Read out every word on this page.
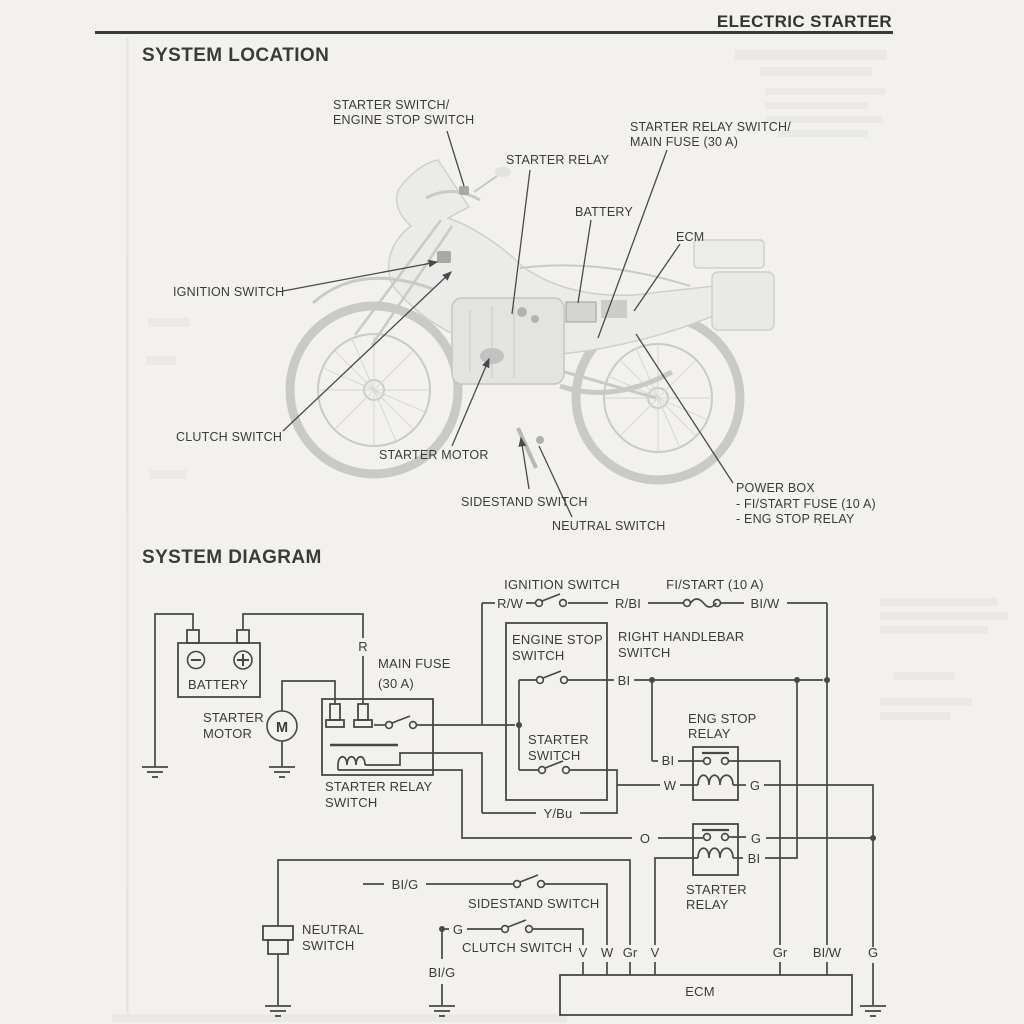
ELECTRIC STARTER
SYSTEM LOCATION
SYSTEM DIAGRAM
STARTER SWITCH/
ENGINE STOP SWITCH
STARTER RELAY
STARTER RELAY SWITCH/
MAIN FUSE (30 A)
BATTERY
ECM
IGNITION SWITCH
CLUTCH SWITCH
STARTER MOTOR
SIDESTAND SWITCH
NEUTRAL SWITCH
POWER BOX
- FI/START FUSE (10 A)
- ENG STOP RELAY
BATTERY
M
STARTER
MOTOR
STARTER RELAY
SWITCH
MAIN FUSE
(30 A)
R
IGNITION SWITCH
R/W	R/BI
FI/START (10 A)
BI/W
RIGHT HANDLEBAR
SWITCH
ENGINE STOP
SWITCH
BI
STARTER
SWITCH
Y/Bu
ENG STOP
RELAY
BI
W	G
O	G
BI
STARTER
RELAY
NEUTRAL
SWITCH
BI/G
SIDESTAND SWITCH
G
CLUTCH SWITCH
BI/G
ECM
V W Gr V	Gr BI/W G
